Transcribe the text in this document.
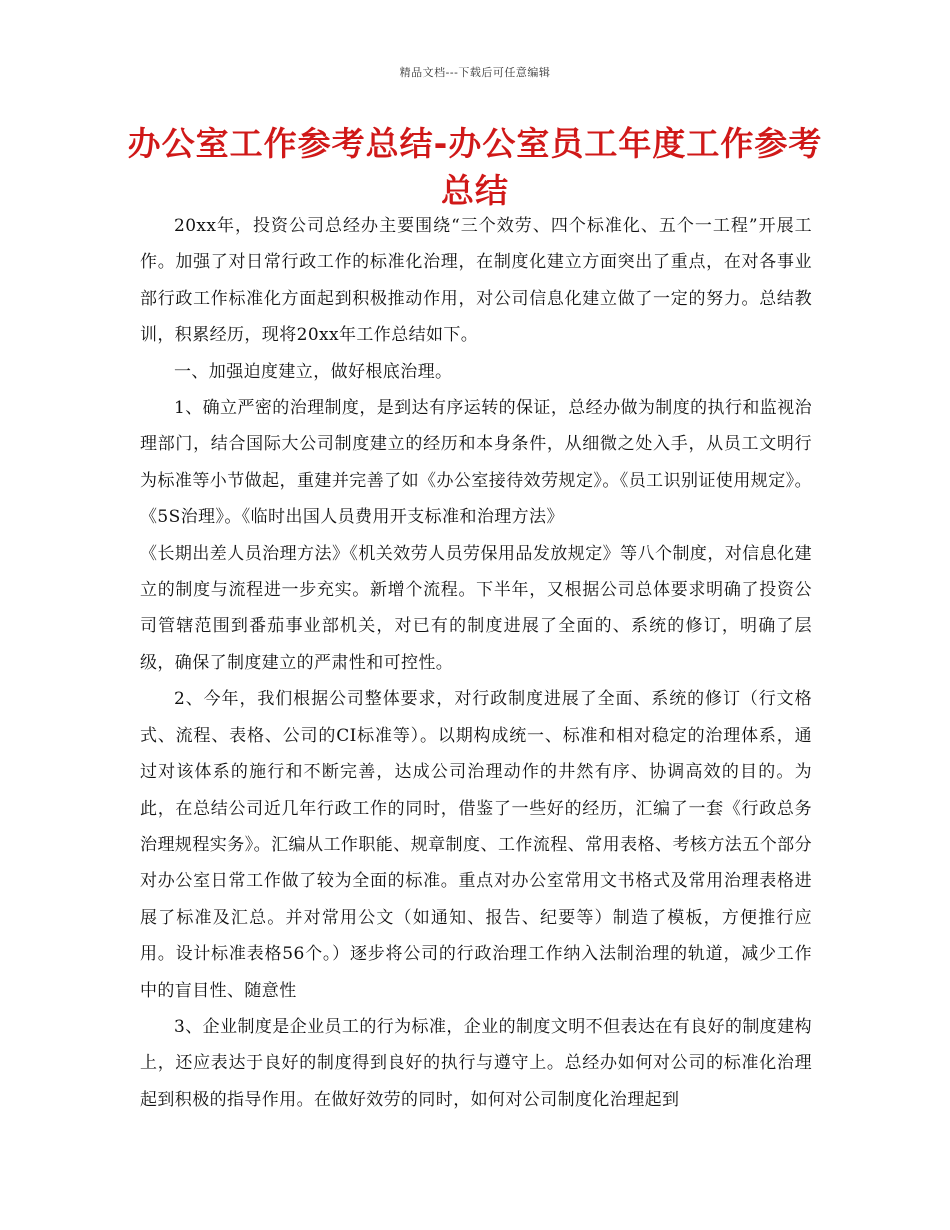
精品文档---下载后可任意编辑
办公室工作参考总结-办公室员工年度工作参考总结

20xx年，投资公司总经办主要围绕“三个效劳、四个标准化、五个一工程”开展工作。加强了对日常行政工作的标准化治理，在制度化建立方面突出了重点，在对各事业部行政工作标准化方面起到积极推动作用，对公司信息化建立做了一定的努力。总结教训，积累经历，现将20xx年工作总结如下。

一、加强迫度建立，做好根底治理。

1、确立严密的治理制度，是到达有序运转的保证，总经办做为制度的执行和监视治理部门，结合国际大公司制度建立的经历和本身条件，从细微之处入手，从员工文明行为标准等小节做起，重建并完善了如《办公室接待效劳规定》。《员工识别证使用规定》。《5S治理》。《临时出国人员费用开支标准和治理方法》

《长期出差人员治理方法》《机关效劳人员劳保用品发放规定》等八个制度，对信息化建立的制度与流程进一步充实。新增个流程。下半年，又根据公司总体要求明确了投资公司管辖范围到番茄事业部机关，对已有的制度进展了全面的、系统的修订，明确了层级，确保了制度建立的严肃性和可控性。

2、今年，我们根据公司整体要求，对行政制度进展了全面、系统的修订（行文格式、流程、表格、公司的CI标准等）。以期构成统一、标准和相对稳定的治理体系，通过对该体系的施行和不断完善，达成公司治理动作的井然有序、协调高效的目的。为此，在总结公司近几年行政工作的同时，借鉴了一些好的经历，汇编了一套《行政总务治理规程实务》。汇编从工作职能、规章制度、工作流程、常用表格、考核方法五个部分对办公室日常工作做了较为全面的标准。重点对办公室常用文书格式及常用治理表格进展了标准及汇总。并对常用公文（如通知、报告、纪要等）制造了模板，方便推行应用。设计标准表格56个。）逐步将公司的行政治理工作纳入法制治理的轨道，减少工作中的盲目性、随意性

3、企业制度是企业员工的行为标准，企业的制度文明不但表达在有良好的制度建构上，还应表达于良好的制度得到良好的执行与遵守上。总经办如何对公司的标准化治理起到积极的指导作用。在做好效劳的同时，如何对公司制度化治理起到
